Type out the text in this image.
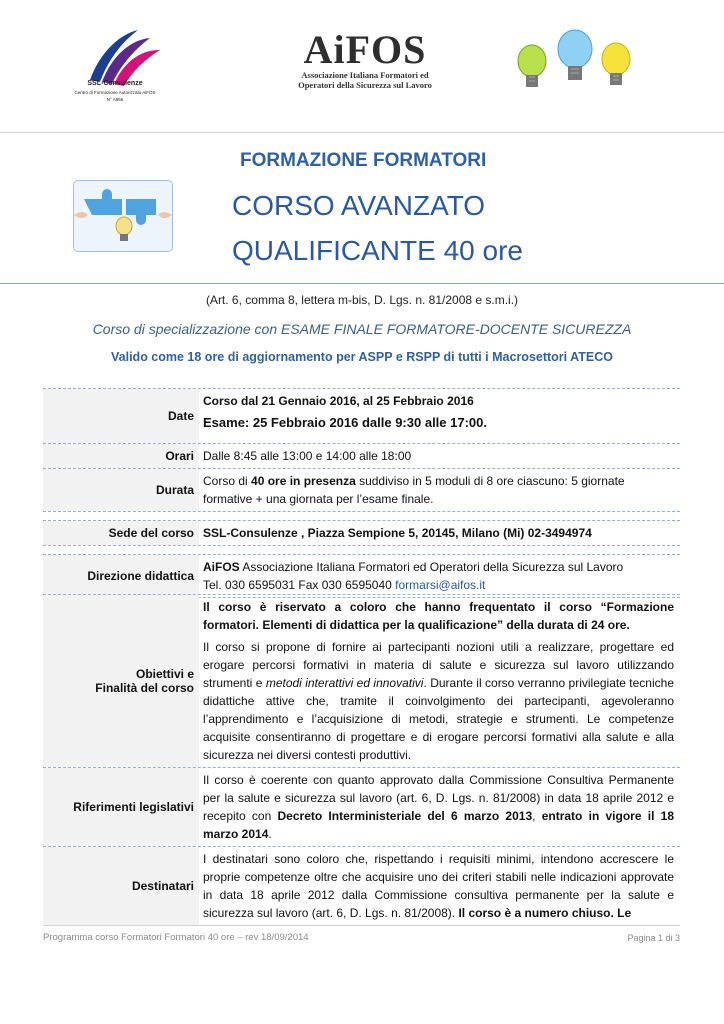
SSL-Consulenze
Centro di Formazione Autorizzato AiFOS
N° A856
AiFOS
Associazione Italiana Formatori ed
Operatori della Sicurezza sul Lavoro
FORMAZIONE FORMATORI
CORSO AVANZATO
QUALIFICANTE 40 ore
(Art. 6, comma 8, lettera m-bis, D. Lgs. n. 81/2008 e s.m.i.)
Corso di specializzazione con ESAME FINALE FORMATORE-DOCENTE SICUREZZA
Valido come 18 ore di aggiornamento per ASPP e RSPP di tutti i Macrosettori ATECO
Date
Corso dal 21 Gennaio 2016, al 25 Febbraio 2016
Esame: 25 Febbraio 2016 dalle 9:30 alle 17:00.
Orari Dalle 8:45 alle 13:00 e 14:00 alle 18:00
Durata
Corso di 40 ore in presenza suddiviso in 5 moduli di 8 ore ciascuno: 5 giornate formative + una giornata per l’esame finale.
Sede del corso SSL-Consulenze , Piazza Sempione 5, 20145, Milano (Mi) 02-3494974
Direzione didattica
AiFOS Associazione Italiana Formatori ed Operatori della Sicurezza sul Lavoro
Tel. 030 6595031 Fax 030 6595040 formarsi@aifos.it
Obiettivi e
Finalità del corso
Il corso è riservato a coloro che hanno frequentato il corso “Formazione formatori. Elementi di didattica per la qualificazione” della durata di 24 ore.
Il corso si propone di fornire ai partecipanti nozioni utili a realizzare, progettare ed erogare percorsi formativi in materia di salute e sicurezza sul lavoro utilizzando strumenti e metodi interattivi ed innovativi. Durante il corso verranno privilegiate tecniche didattiche attive che, tramite il coinvolgimento dei partecipanti, agevoleranno l’apprendimento e l’acquisizione di metodi, strategie e strumenti. Le competenze acquisite consentiranno di progettare e di erogare percorsi formativi alla salute e alla sicurezza nei diversi contesti produttivi.
Riferimenti legislativi
Il corso è coerente con quanto approvato dalla Commissione Consultiva Permanente per la salute e sicurezza sul lavoro (art. 6, D. Lgs. n. 81/2008) in data 18 aprile 2012 e recepito con Decreto Interministeriale del 6 marzo 2013, entrato in vigore il 18 marzo 2014.
Destinatari
I destinatari sono coloro che, rispettando i requisiti minimi, intendono accrescere le proprie competenze oltre che acquisire uno dei criteri stabili nelle indicazioni approvate in data 18 aprile 2012 dalla Commissione consultiva permanente per la salute e sicurezza sul lavoro (art. 6, D. Lgs. n. 81/2008). Il corso è a numero chiuso. Le
Programma corso Formatori Formatori 40 ore – rev 18/09/2014	Pagina 1 di 3
